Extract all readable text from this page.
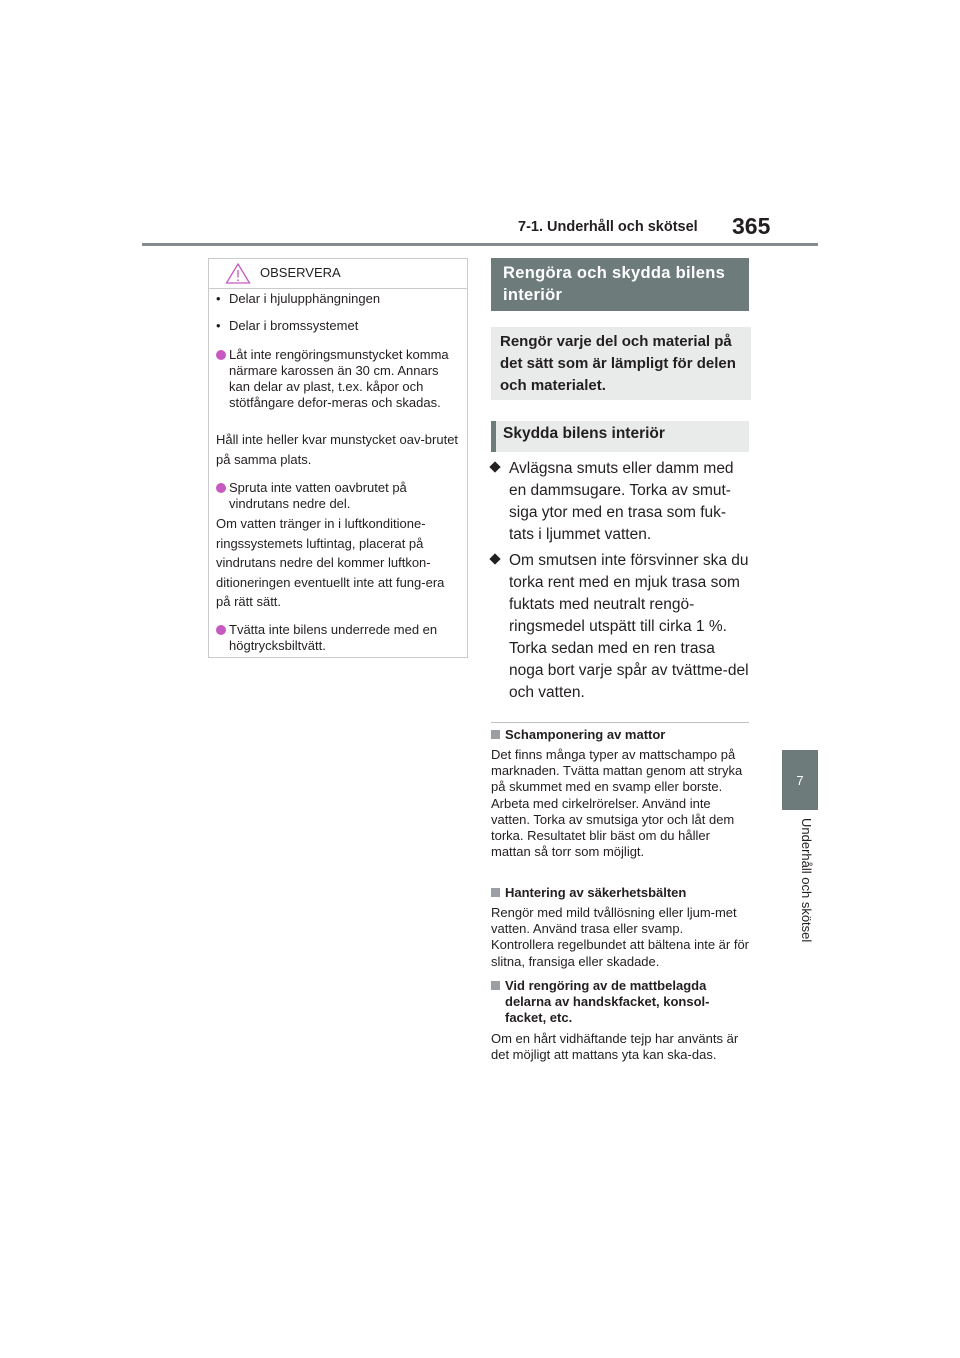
7-1. Underhåll och skötsel 365
7
Underhåll och skötsel
OBSERVERA
• Delar i hjulupphängningen
• Delar i bromssystemet
Låt inte rengöringsmunstycket komma närmare karossen än 30 cm. Annars kan delar av plast, t.ex. kåpor och stötfångare defor-meras och skadas.
Håll inte heller kvar munstycket oav-brutet på samma plats.
Spruta inte vatten oavbrutet på vindrutans nedre del.
Om vatten tränger in i luftkonditione-ringssystemets luftintag, placerat på vindrutans nedre del kommer luftkon-ditioneringen eventuellt inte att fung-era på rätt sätt.
Tvätta inte bilens underrede med en högtrycksbiltvätt.
Rengöra och skydda bilens interiör
Rengör varje del och material på det sätt som är lämpligt för delen och materialet.
Skydda bilens interiör
Avlägsna smuts eller damm med en dammsugare. Torka av smut-siga ytor med en trasa som fuk-tats i ljummet vatten.
Om smutsen inte försvinner ska du torka rent med en mjuk trasa som fuktats med neutralt rengö-ringsmedel utspätt till cirka 1 %. Torka sedan med en ren trasa noga bort varje spår av tvättme-del och vatten.
Schamponering av mattor
Det finns många typer av mattschampo på marknaden. Tvätta mattan genom att stryka på skummet med en svamp eller borste. Arbeta med cirkelrörelser. Använd inte vatten. Torka av smutsiga ytor och låt dem torka. Resultatet blir bäst om du håller mattan så torr som möjligt.
Hantering av säkerhetsbälten
Rengör med mild tvållösning eller ljum-met vatten. Använd trasa eller svamp. Kontrollera regelbundet att bältena inte är för slitna, fransiga eller skadade.
Vid rengöring av de mattbelagda delarna av handskfacket, konsol-facket, etc.
Om en hårt vidhäftande tejp har använts är det möjligt att mattans yta kan ska-das.
